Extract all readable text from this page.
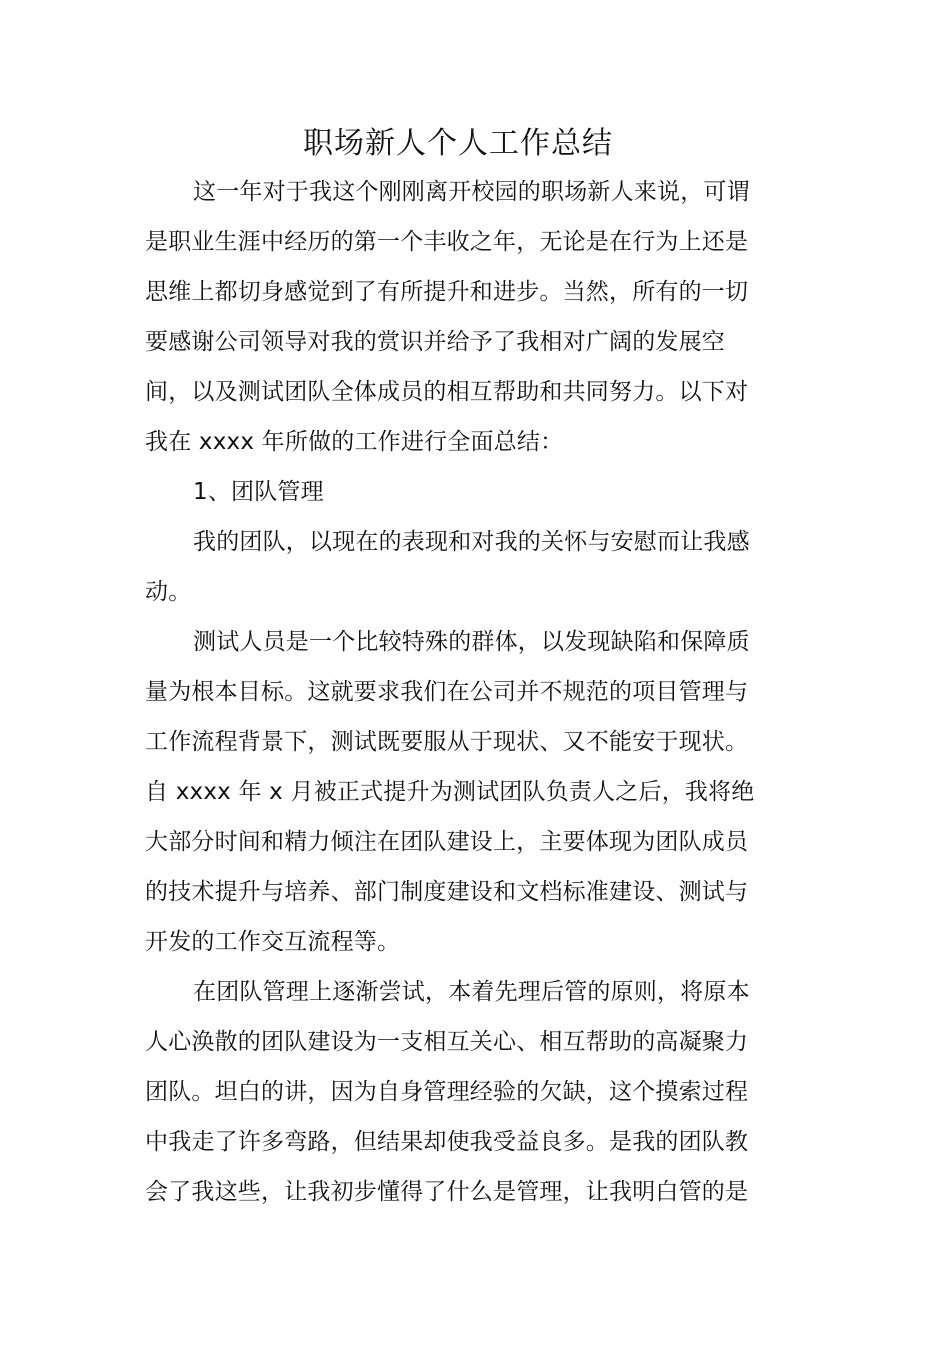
职场新人个人工作总结
这一年对于我这个刚刚离开校园的职场新人来说，可谓
是职业生涯中经历的第一个丰收之年，无论是在行为上还是
思维上都切身感觉到了有所提升和进步。当然，所有的一切
要感谢公司领导对我的赏识并给予了我相对广阔的发展空
间，以及测试团队全体成员的相互帮助和共同努力。以下对
我在 xxxx 年所做的工作进行全面总结：
1、团队管理
我的团队，以现在的表现和对我的关怀与安慰而让我感
动。
测试人员是一个比较特殊的群体，以发现缺陷和保障质
量为根本目标。这就要求我们在公司并不规范的项目管理与
工作流程背景下，测试既要服从于现状、又不能安于现状。
自 xxxx 年 x 月被正式提升为测试团队负责人之后，我将绝
大部分时间和精力倾注在团队建设上，主要体现为团队成员
的技术提升与培养、部门制度建设和文档标准建设、测试与
开发的工作交互流程等。
在团队管理上逐渐尝试，本着先理后管的原则，将原本
人心涣散的团队建设为一支相互关心、相互帮助的高凝聚力
团队。坦白的讲，因为自身管理经验的欠缺，这个摸索过程
中我走了许多弯路，但结果却使我受益良多。是我的团队教
会了我这些，让我初步懂得了什么是管理，让我明白管的是
